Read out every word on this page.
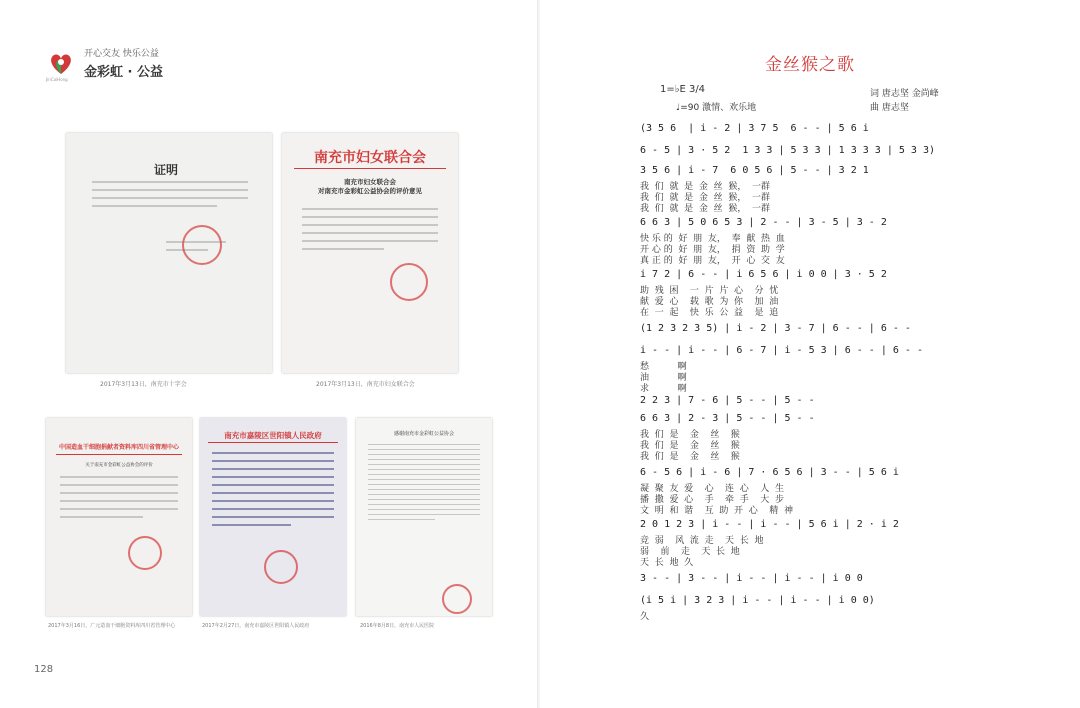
开心交友 快乐公益
金彩虹 · 公益
JinCaiHong
证明
2017年3月13日，南充市十字会
南充市妇女联合会
南充市妇女联合会
对南充市金彩虹公益协会的评价意见
2017年3月13日，南充市妇女联合会
中国造血干细胞捐献者资料库四川省管理中心
关于南充市金彩虹公益协会的评价
2017年3月16日，广元造血干细胞资料库四川省管理中心
南充市嘉陵区世阳镇人民政府
2017年2月27日，南充市嘉陵区世阳镇人民政府
感谢南充市金彩虹公益协会
2016年8月8日，南充市人民医院
128
金丝猴之歌
1=♭E 3/4
♩=90 激情、欢乐地
词 唐志坚 金尚峰
曲 唐志坚
(3 5 6  | i - 2 | 3 7 5  6 - - | 5 6 i
6 - 5 | 3 · 5 2  1 3 3 | 5 3 3 | 1 3 3 3 | 5 3 3)
3 5 6 | i - 7  6 0 5 6 | 5 - - | 3 2 1
我  们  就  是  金  丝  猴，  一群
我  们  就  是  金  丝  猴，  一群
我  们  就  是  金  丝  猴，  一群
6 6 3 | 5 0 6 5 3 | 2 - - | 3 - 5 | 3 - 2
快 乐 的  好  朋  友，  奉  献  热  血
开 心 的  好  朋  友，  捐  资  助  学
真 正 的  好  朋  友，  开  心  交  友
i 7 2 | 6 - - | i 6 5 6 | i 0 0 | 3 · 5 2
助  残  困    一  片  片  心    分  忧
献  爱  心    载  歌  为  你    加  油
在  一  起    快  乐  公  益    是  追
(1 2 3 2 3 5) | i - 2 | 3 - 7 | 6 - - | 6 - -
i - - | i - - | 6 - 7 | i - 5 3 | 6 - - | 6 - -
愁          啊
油          啊
求          啊
2 2 3 | 7 - 6 | 5 - - | 5 - -
6 6 3 | 2 - 3 | 5 - - | 5 - -
我  们  是    金    丝    猴
我  们  是    金    丝    猴
我  们  是    金    丝    猴
6 - 5 6 | i - 6 | 7 · 6 5 6 | 3 - - | 5 6 i
凝  聚  友  爱    心    连  心    人  生
播  撒  爱  心    手    牵  手    大  步
文  明  和  谐    互  助  开  心    精  神
2 0 1 2 3 | i - - | i - - | 5 6 i | 2 · i 2
竞  弱    风  流  走    天  长  地
弱    前    走    天  长  地
天  长  地  久
3 - - | 3 - - | i - - | i - - | i 0 0
(i 5 i | 3 2 3 | i - - | i - - | i 0 0)
久
